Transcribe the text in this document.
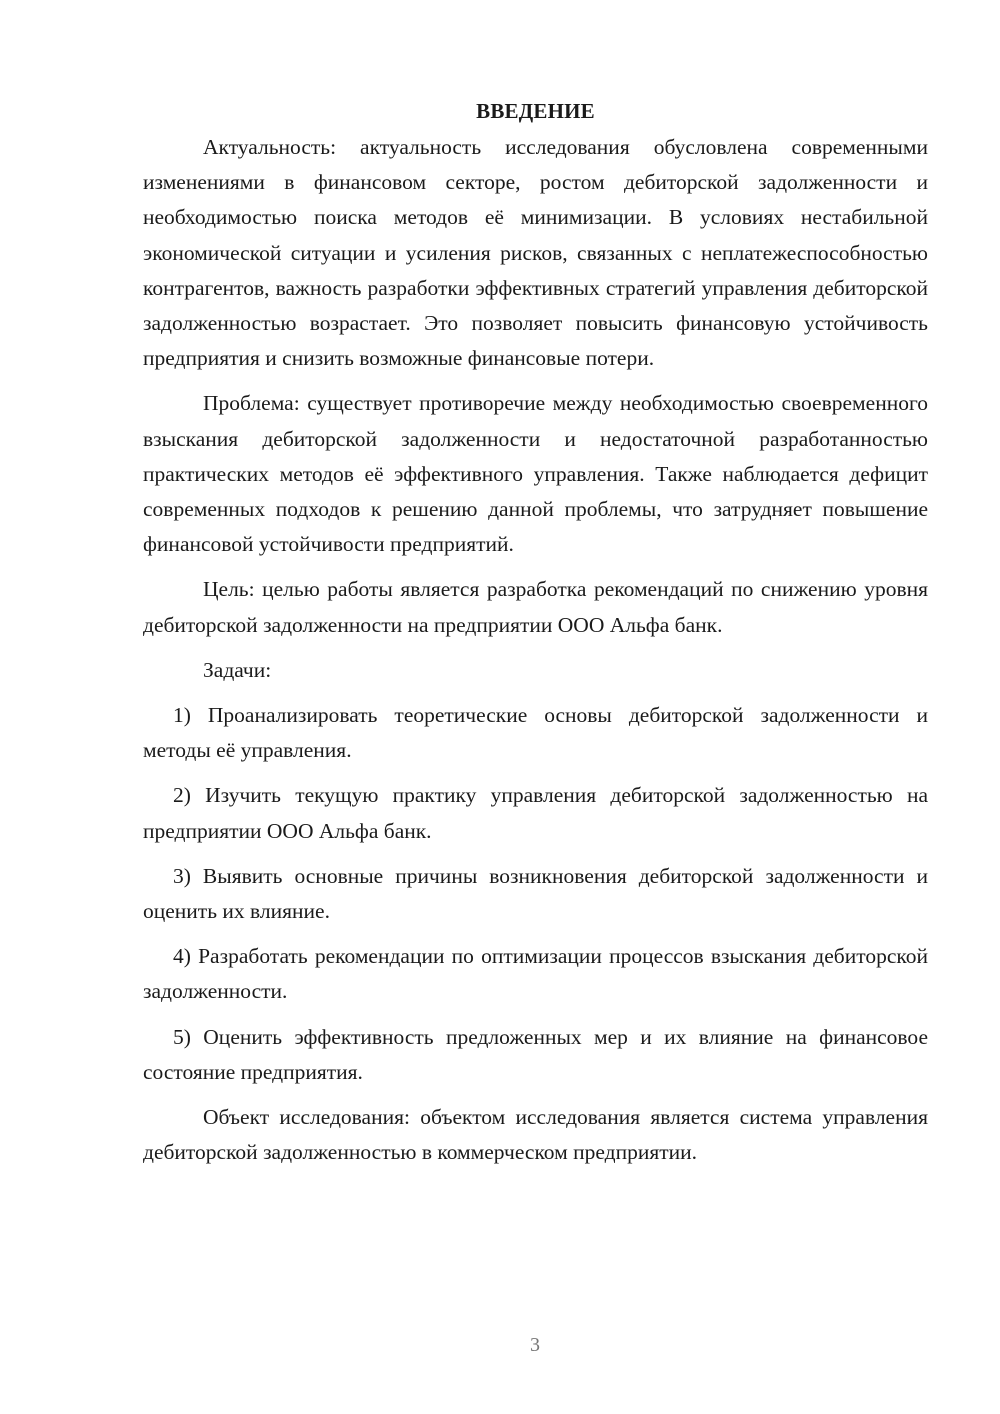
ВВЕДЕНИЕ

Актуальность: актуальность исследования обусловлена современными изменениями в финансовом секторе, ростом дебиторской задолженности и необходимостью поиска методов её минимизации. В условиях нестабильной экономической ситуации и усиления рисков, связанных с неплатежеспособностью контрагентов, важность разработки эффективных стратегий управления дебиторской задолженностью возрастает. Это позволяет повысить финансовую устойчивость предприятия и снизить возможные финансовые потери.

Проблема: существует противоречие между необходимостью своевременного взыскания дебиторской задолженности и недостаточной разработанностью практических методов её эффективного управления. Также наблюдается дефицит современных подходов к решению данной проблемы, что затрудняет повышение финансовой устойчивости предприятий.

Цель: целью работы является разработка рекомендаций по снижению уровня дебиторской задолженности на предприятии ООО Альфа банк.

Задачи:

1) Проанализировать теоретические основы дебиторской задолженности и методы её управления.

2) Изучить текущую практику управления дебиторской задолженностью на предприятии ООО Альфа банк.

3) Выявить основные причины возникновения дебиторской задолженности и оценить их влияние.

4) Разработать рекомендации по оптимизации процессов взыскания дебиторской задолженности.

5) Оценить эффективность предложенных мер и их влияние на финансовое состояние предприятия.

Объект исследования: объектом исследования является система управления дебиторской задолженностью в коммерческом предприятии.

3
